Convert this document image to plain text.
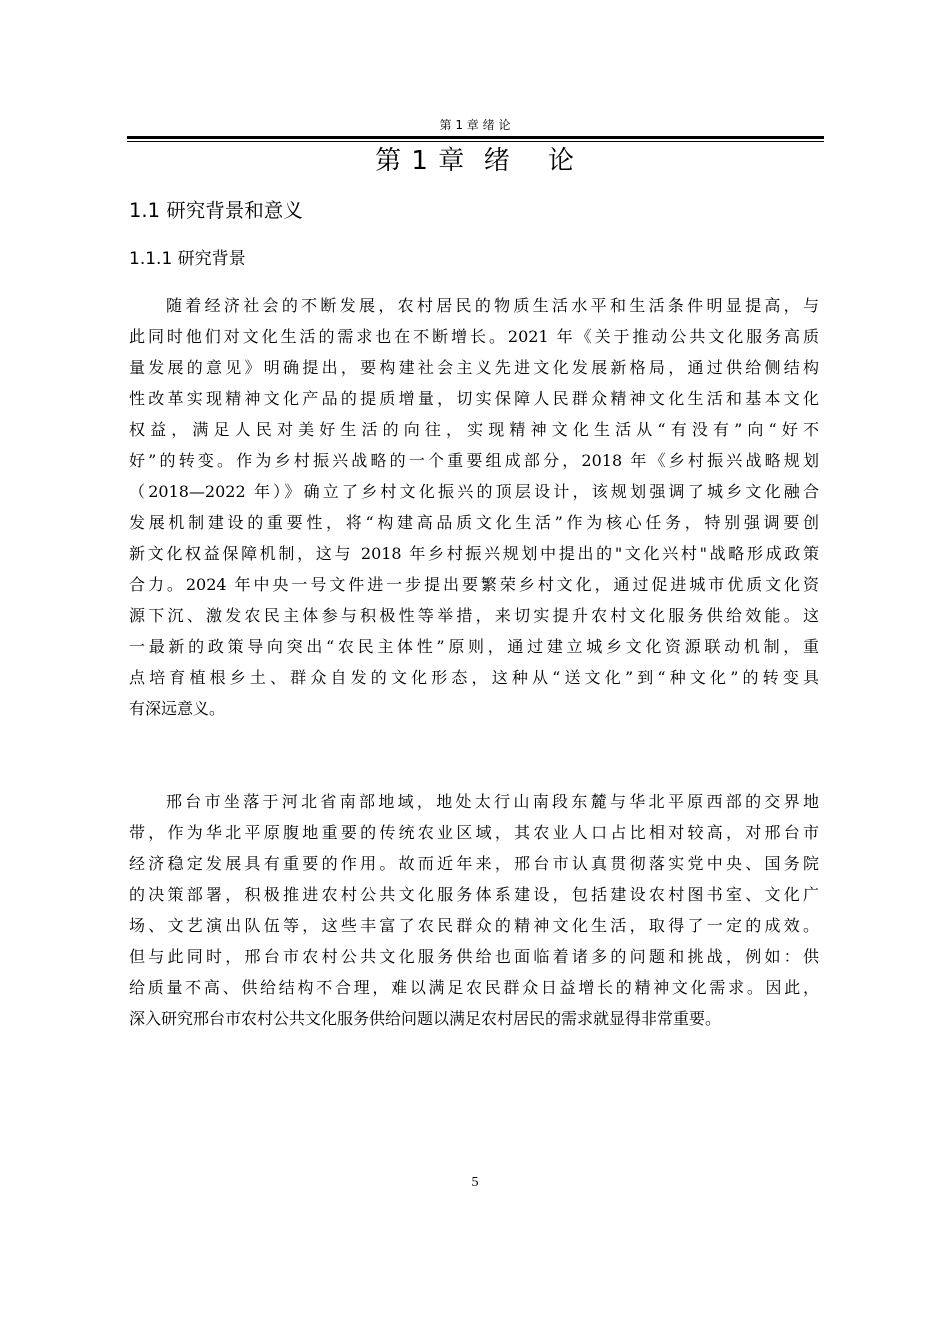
第 1 章 绪 论
第 1 章  绪    论
1.1 研究背景和意义
1.1.1 研究背景
随着经济社会的不断发展，农村居民的物质生活水平和生活条件明显提高，与
此同时他们对文化生活的需求也在不断增长。2021 年《关于推动公共文化服务高质
量发展的意见》明确提出，要构建社会主义先进文化发展新格局，通过供给侧结构
性改革实现精神文化产品的提质增量，切实保障人民群众精神文化生活和基本文化
权益，满足人民对美好生活的向往，实现精神文化生活从“有没有”向“好不
好”的转变。作为乡村振兴战略的一个重要组成部分，2018 年《乡村振兴战略规划
（2018—2022 年）》确立了乡村文化振兴的顶层设计，该规划强调了城乡文化融合
发展机制建设的重要性，将“构建高品质文化生活”作为核心任务，特别强调要创
新文化权益保障机制，这与 2018 年乡村振兴规划中提出的"文化兴村"战略形成政策
合力。2024 年中央一号文件进一步提出要繁荣乡村文化，通过促进城市优质文化资
源下沉、激发农民主体参与积极性等举措，来切实提升农村文化服务供给效能。这
一最新的政策导向突出“农民主体性”原则，通过建立城乡文化资源联动机制，重
点培育植根乡土、群众自发的文化形态，这种从“送文化”到“种文化”的转变具
有深远意义。
邢台市坐落于河北省南部地域，地处太行山南段东麓与华北平原西部的交界地
带，作为华北平原腹地重要的传统农业区域，其农业人口占比相对较高，对邢台市
经济稳定发展具有重要的作用。故而近年来，邢台市认真贯彻落实党中央、国务院
的决策部署，积极推进农村公共文化服务体系建设，包括建设农村图书室、文化广
场、文艺演出队伍等，这些丰富了农民群众的精神文化生活，取得了一定的成效。
但与此同时，邢台市农村公共文化服务供给也面临着诸多的问题和挑战，例如：供
给质量不高、供给结构不合理，难以满足农民群众日益增长的精神文化需求。因此，
深入研究邢台市农村公共文化服务供给问题以满足农村居民的需求就显得非常重要。
5
